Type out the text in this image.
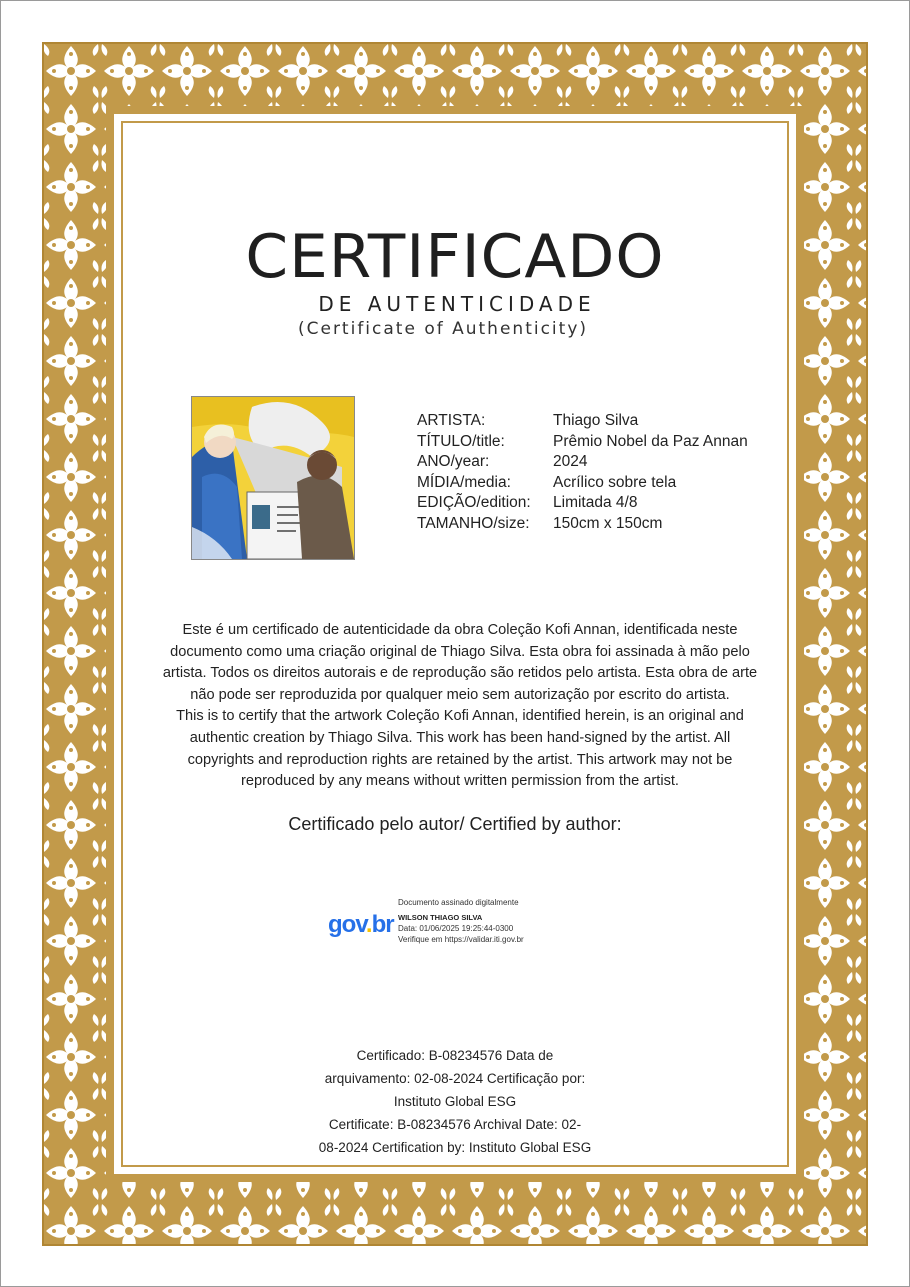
CERTIFICADO
DE AUTENTICIDADE
(Certificate of Authenticity)
ARTISTA:	Thiago Silva
TÍTULO/title:	Prêmio Nobel da Paz Annan
ANO/year:	2024
MÍDIA/media:	Acrílico sobre tela
EDIÇÃO/edition:	Limitada 4/8
TAMANHO/size:	150cm x 150cm
Este é um certificado de autenticidade da obra Coleção Kofi Annan, identificada neste
documento como uma criação original de Thiago Silva. Esta obra foi assinada à mão pelo
artista. Todos os direitos autorais e de reprodução são retidos pelo artista. Esta obra de arte
não pode ser reproduzida por qualquer meio sem autorização por escrito do artista.
This is to certify that the artwork Coleção Kofi Annan, identified herein, is an original and
authentic creation by Thiago Silva. This work has been hand-signed by the artist. All
copyrights and reproduction rights are retained by the artist. This artwork may not be
reproduced by any means without written permission from the artist.
Certificado pelo autor/ Certified by author:
gov.br
Documento assinado digitalmente
WILSON THIAGO SILVA
Data: 01/06/2025 19:25:44-0300
Verifique em https://validar.iti.gov.br
Certificado: B-08234576 Data de
arquivamento: 02-08-2024 Certificação por:
Instituto Global ESG
Certificate: B-08234576 Archival Date: 02-
08-2024 Certification by: Instituto Global ESG
